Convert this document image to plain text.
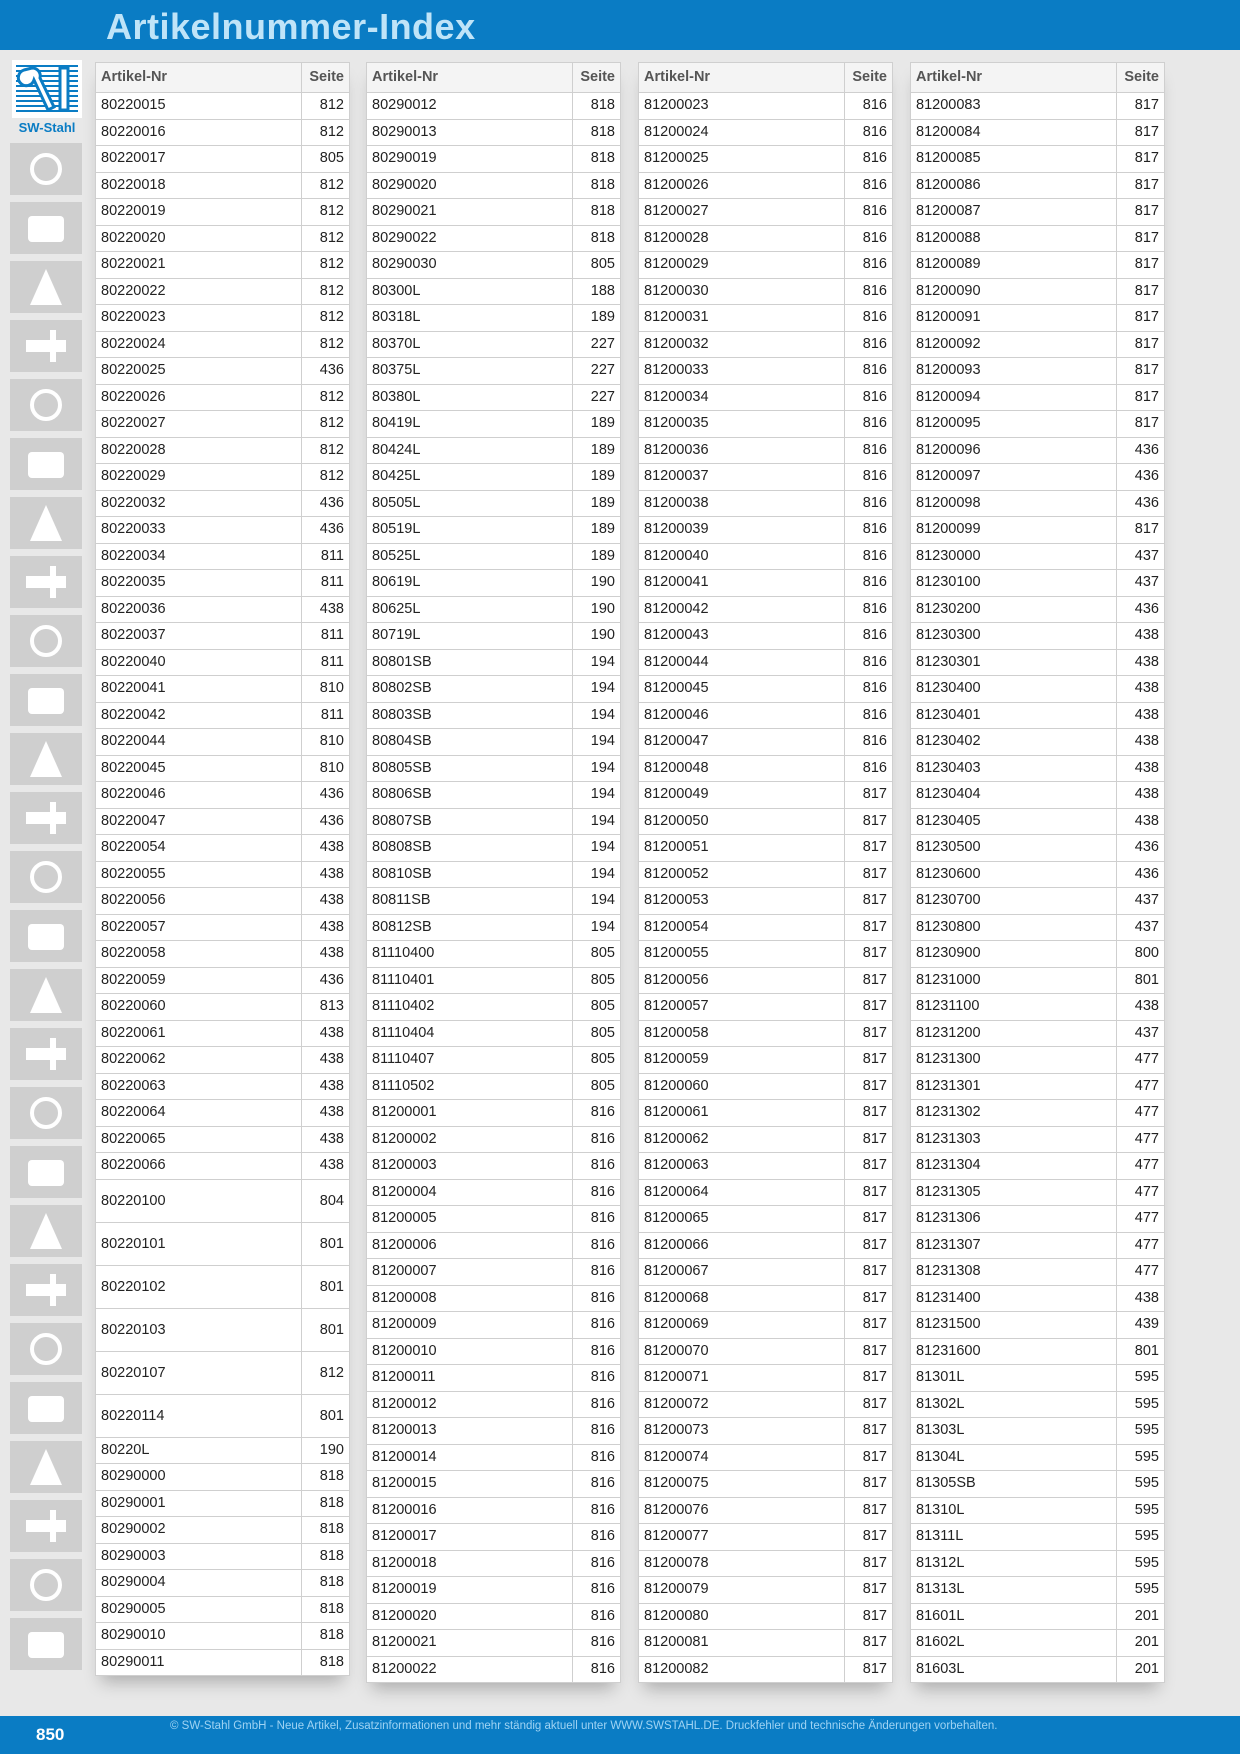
Artikelnummer-Index
SW-Stahl
Artikel-Nr	Seite
80220015	812
80220016	812
80220017	805
80220018	812
80220019	812
80220020	812
80220021	812
80220022	812
80220023	812
80220024	812
80220025	436
80220026	812
80220027	812
80220028	812
80220029	812
80220032	436
80220033	436
80220034	811
80220035	811
80220036	438
80220037	811
80220040	811
80220041	810
80220042	811
80220044	810
80220045	810
80220046	436
80220047	436
80220054	438
80220055	438
80220056	438
80220057	438
80220058	438
80220059	436
80220060	813
80220061	438
80220062	438
80220063	438
80220064	438
80220065	438
80220066	438
80220100	804
80220101	801
80220102	801
80220103	801
80220107	812
80220114	801
80220L	190
80290000	818
80290001	818
80290002	818
80290003	818
80290004	818
80290005	818
80290010	818
80290011	818
Artikel-Nr	Seite
80290012	818
80290013	818
80290019	818
80290020	818
80290021	818
80290022	818
80290030	805
80300L	188
80318L	189
80370L	227
80375L	227
80380L	227
80419L	189
80424L	189
80425L	189
80505L	189
80519L	189
80525L	189
80619L	190
80625L	190
80719L	190
80801SB	194
80802SB	194
80803SB	194
80804SB	194
80805SB	194
80806SB	194
80807SB	194
80808SB	194
80810SB	194
80811SB	194
80812SB	194
81110400	805
81110401	805
81110402	805
81110404	805
81110407	805
81110502	805
81200001	816
81200002	816
81200003	816
81200004	816
81200005	816
81200006	816
81200007	816
81200008	816
81200009	816
81200010	816
81200011	816
81200012	816
81200013	816
81200014	816
81200015	816
81200016	816
81200017	816
81200018	816
81200019	816
81200020	816
81200021	816
81200022	816
Artikel-Nr	Seite
81200023	816
81200024	816
81200025	816
81200026	816
81200027	816
81200028	816
81200029	816
81200030	816
81200031	816
81200032	816
81200033	816
81200034	816
81200035	816
81200036	816
81200037	816
81200038	816
81200039	816
81200040	816
81200041	816
81200042	816
81200043	816
81200044	816
81200045	816
81200046	816
81200047	816
81200048	816
81200049	817
81200050	817
81200051	817
81200052	817
81200053	817
81200054	817
81200055	817
81200056	817
81200057	817
81200058	817
81200059	817
81200060	817
81200061	817
81200062	817
81200063	817
81200064	817
81200065	817
81200066	817
81200067	817
81200068	817
81200069	817
81200070	817
81200071	817
81200072	817
81200073	817
81200074	817
81200075	817
81200076	817
81200077	817
81200078	817
81200079	817
81200080	817
81200081	817
81200082	817
Artikel-Nr	Seite
81200083	817
81200084	817
81200085	817
81200086	817
81200087	817
81200088	817
81200089	817
81200090	817
81200091	817
81200092	817
81200093	817
81200094	817
81200095	817
81200096	436
81200097	436
81200098	436
81200099	817
81230000	437
81230100	437
81230200	436
81230300	438
81230301	438
81230400	438
81230401	438
81230402	438
81230403	438
81230404	438
81230405	438
81230500	436
81230600	436
81230700	437
81230800	437
81230900	800
81231000	801
81231100	438
81231200	437
81231300	477
81231301	477
81231302	477
81231303	477
81231304	477
81231305	477
81231306	477
81231307	477
81231308	477
81231400	438
81231500	439
81231600	801
81301L	595
81302L	595
81303L	595
81304L	595
81305SB	595
81310L	595
81311L	595
81312L	595
81313L	595
81601L	201
81602L	201
81603L	201
850	© SW-Stahl GmbH - Neue Artikel, Zusatzinformationen und mehr ständig aktuell unter WWW.SWSTAHL.DE. Druckfehler und technische Änderungen vorbehalten.
